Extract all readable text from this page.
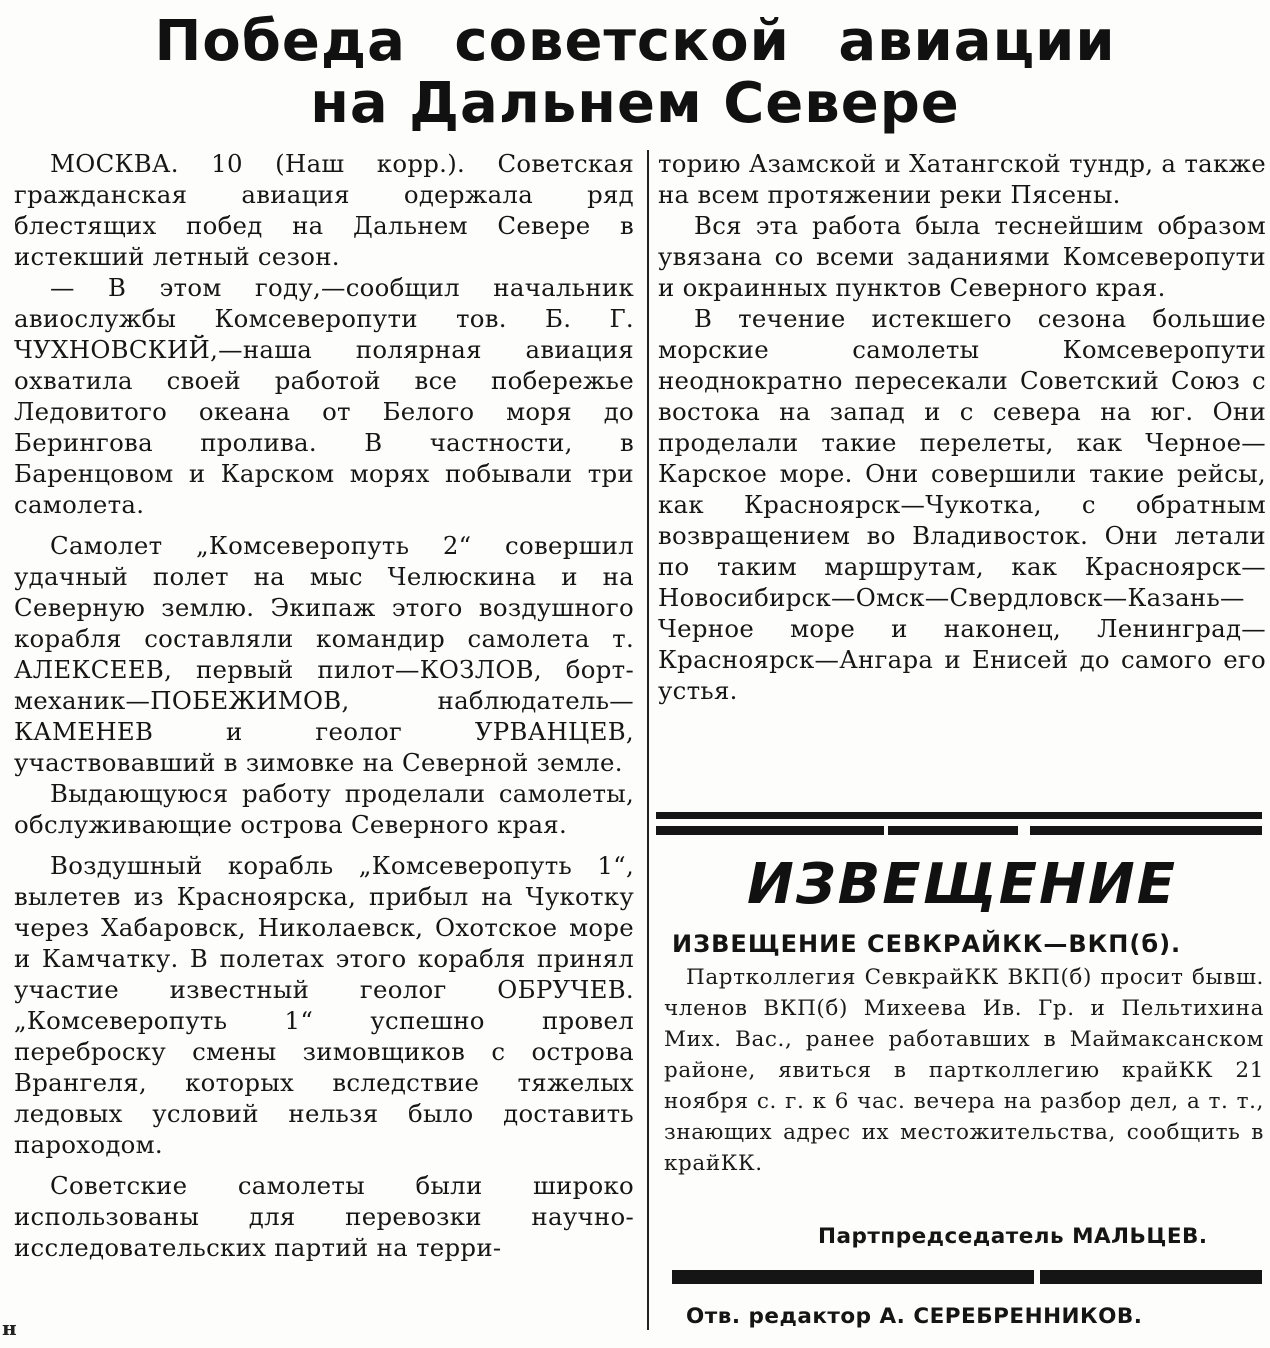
Победа советской авиации
на Дальнем Севере

МОСКВА. 10 (Наш корр.). Советская гражданская авиация одержала ряд блестящих побед на Дальнем Севере в истекший летный сезон.

— В этом году,—сообщил начальник авиослужбы Комсеверопути тов. Б. Г. ЧУХНОВСКИЙ,—наша полярная авиация охватила своей работой все побережье Ледовитого океана от Белого моря до Берингова пролива. В частности, в Баренцовом и Карском морях побывали три самолета.

Самолет „Комсеверопуть 2“ совершил удачный полет на мыс Челюскина и на Северную землю. Экипаж этого воздушного корабля составляли командир самолета т. АЛЕКСЕЕВ, первый пилот—КОЗЛОВ, борт-механик—ПОБЕЖИМОВ, наблюдатель—КАМЕНЕВ и геолог УРВАНЦЕВ, участвовавший в зимовке на Северной земле.

Выдающуюся работу проделали самолеты, обслуживающие острова Северного края.

Воздушный корабль „Комсеверопуть 1“, вылетев из Красноярска, прибыл на Чукотку через Хабаровск, Николаевск, Охотское море и Камчатку. В полетах этого корабля принял участие известный геолог ОБРУЧЕВ. „Комсеверопуть 1“ успешно провел переброску смены зимовщиков с острова Врангеля, которых вследствие тяжелых ледовых условий нельзя было доставить пароходом.

Советские самолеты были широко использованы для перевозки научно-исследовательских партий на терри-

торию Азамской и Хатангской тундр, а также на всем протяжении реки Пясены.

Вся эта работа была теснейшим образом увязана со всеми заданиями Комсеверопути и окраинных пунктов Северного края.

В течение истекшего сезона большие морские самолеты Комсеверопути неоднократно пересекали Советский Союз с востока на запад и с севера на юг. Они проделали такие перелеты, как Черное—Карское море. Они совершили такие рейсы, как Красноярск—Чукотка, с обратным возвращением во Владивосток. Они летали по таким маршрутам, как Красноярск—Новосибирск—Омск—Свердловск—Казань—Черное море и наконец, Ленинград—Красноярск—Ангара и Енисей до самого его устья.

ИЗВЕЩЕНИЕ
ИЗВЕЩЕНИЕ СЕВКРАЙКК—ВКП(б).

Партколлегия СевкрайКК ВКП(б) просит бывш. членов ВКП(б) Михеева Ив. Гр. и Пельтихина Мих. Вас., ранее работавших в Маймаксанском районе, явиться в партколлегию крайКК 21 ноября с. г. к 6 час. вечера на разбор дел, а т. т., знающих адрес их местожительства, сообщить в крайКК.

Партпредседатель МАЛЬЦЕВ.
Отв. редактор А. СЕРЕБРЕННИКОВ.
н
